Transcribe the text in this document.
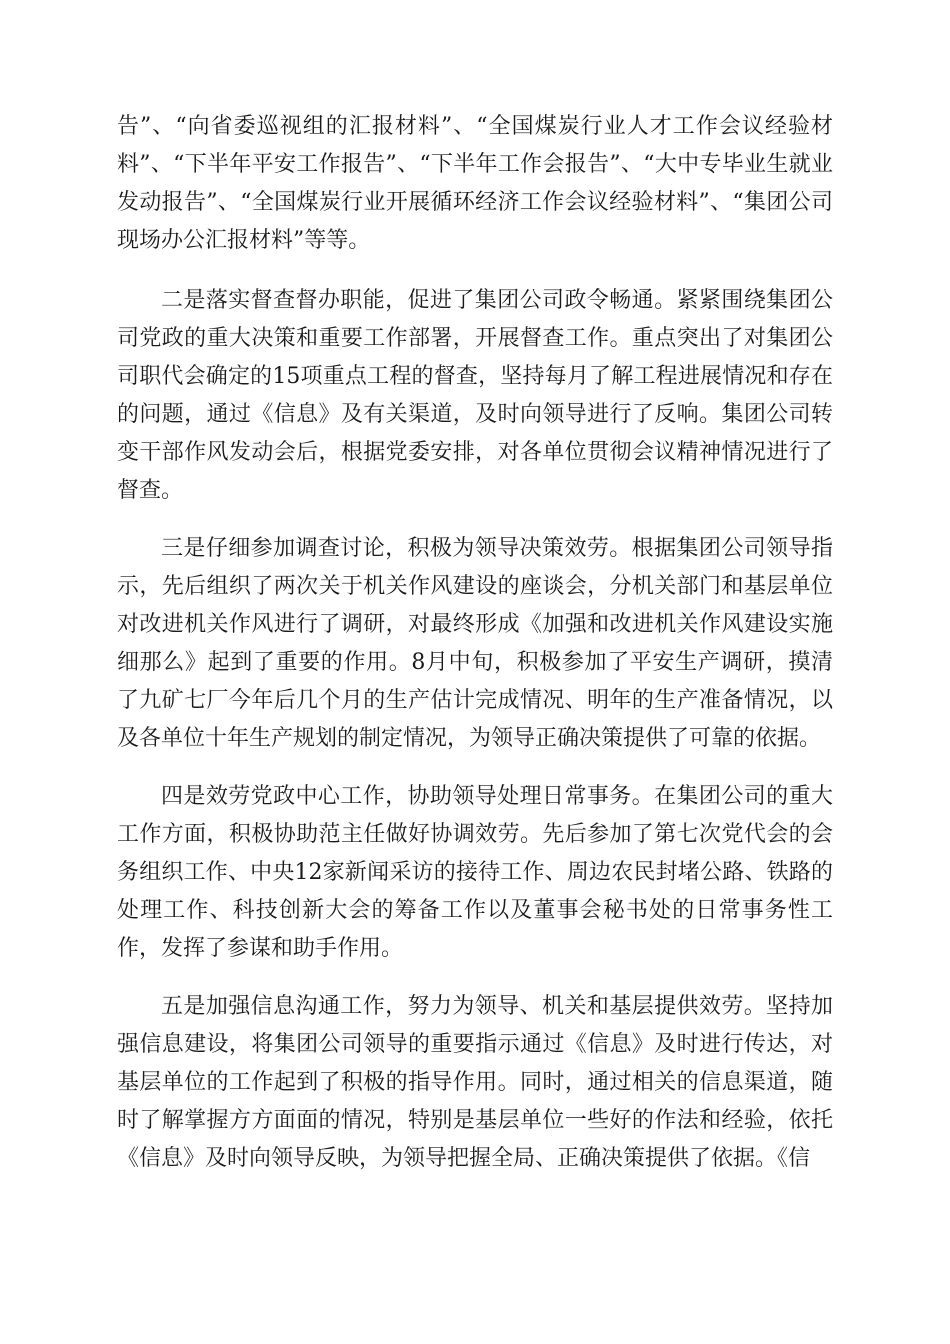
告”、“向省委巡视组的汇报材料”、“全国煤炭行业人才工作会议经验材料”、“下半年平安工作报告”、“下半年工作会报告”、“大中专毕业生就业发动报告”、“全国煤炭行业开展循环经济工作会议经验材料”、“集团公司现场办公汇报材料”等等。

二是落实督查督办职能，促进了集团公司政令畅通。紧紧围绕集团公司党政的重大决策和重要工作部署，开展督查工作。重点突出了对集团公司职代会确定的15项重点工程的督查，坚持每月了解工程进展情况和存在的问题，通过《信息》及有关渠道，及时向领导进行了反响。集团公司转变干部作风发动会后，根据党委安排，对各单位贯彻会议精神情况进行了督查。

三是仔细参加调查讨论，积极为领导决策效劳。根据集团公司领导指示，先后组织了两次关于机关作风建设的座谈会，分机关部门和基层单位对改进机关作风进行了调研，对最终形成《加强和改进机关作风建设实施细那么》起到了重要的作用。8月中旬，积极参加了平安生产调研，摸清了九矿七厂今年后几个月的生产估计完成情况、明年的生产准备情况，以及各单位十年生产规划的制定情况，为领导正确决策提供了可靠的依据。

四是效劳党政中心工作，协助领导处理日常事务。在集团公司的重大工作方面，积极协助范主任做好协调效劳。先后参加了第七次党代会的会务组织工作、中央12家新闻采访的接待工作、周边农民封堵公路、铁路的处理工作、科技创新大会的筹备工作以及董事会秘书处的日常事务性工作，发挥了参谋和助手作用。

五是加强信息沟通工作，努力为领导、机关和基层提供效劳。坚持加强信息建设，将集团公司领导的重要指示通过《信息》及时进行传达，对基层单位的工作起到了积极的指导作用。同时，通过相关的信息渠道，随时了解掌握方方面面的情况，特别是基层单位一些好的作法和经验，依托《信息》及时向领导反映，为领导把握全局、正确决策提供了依据。《信
